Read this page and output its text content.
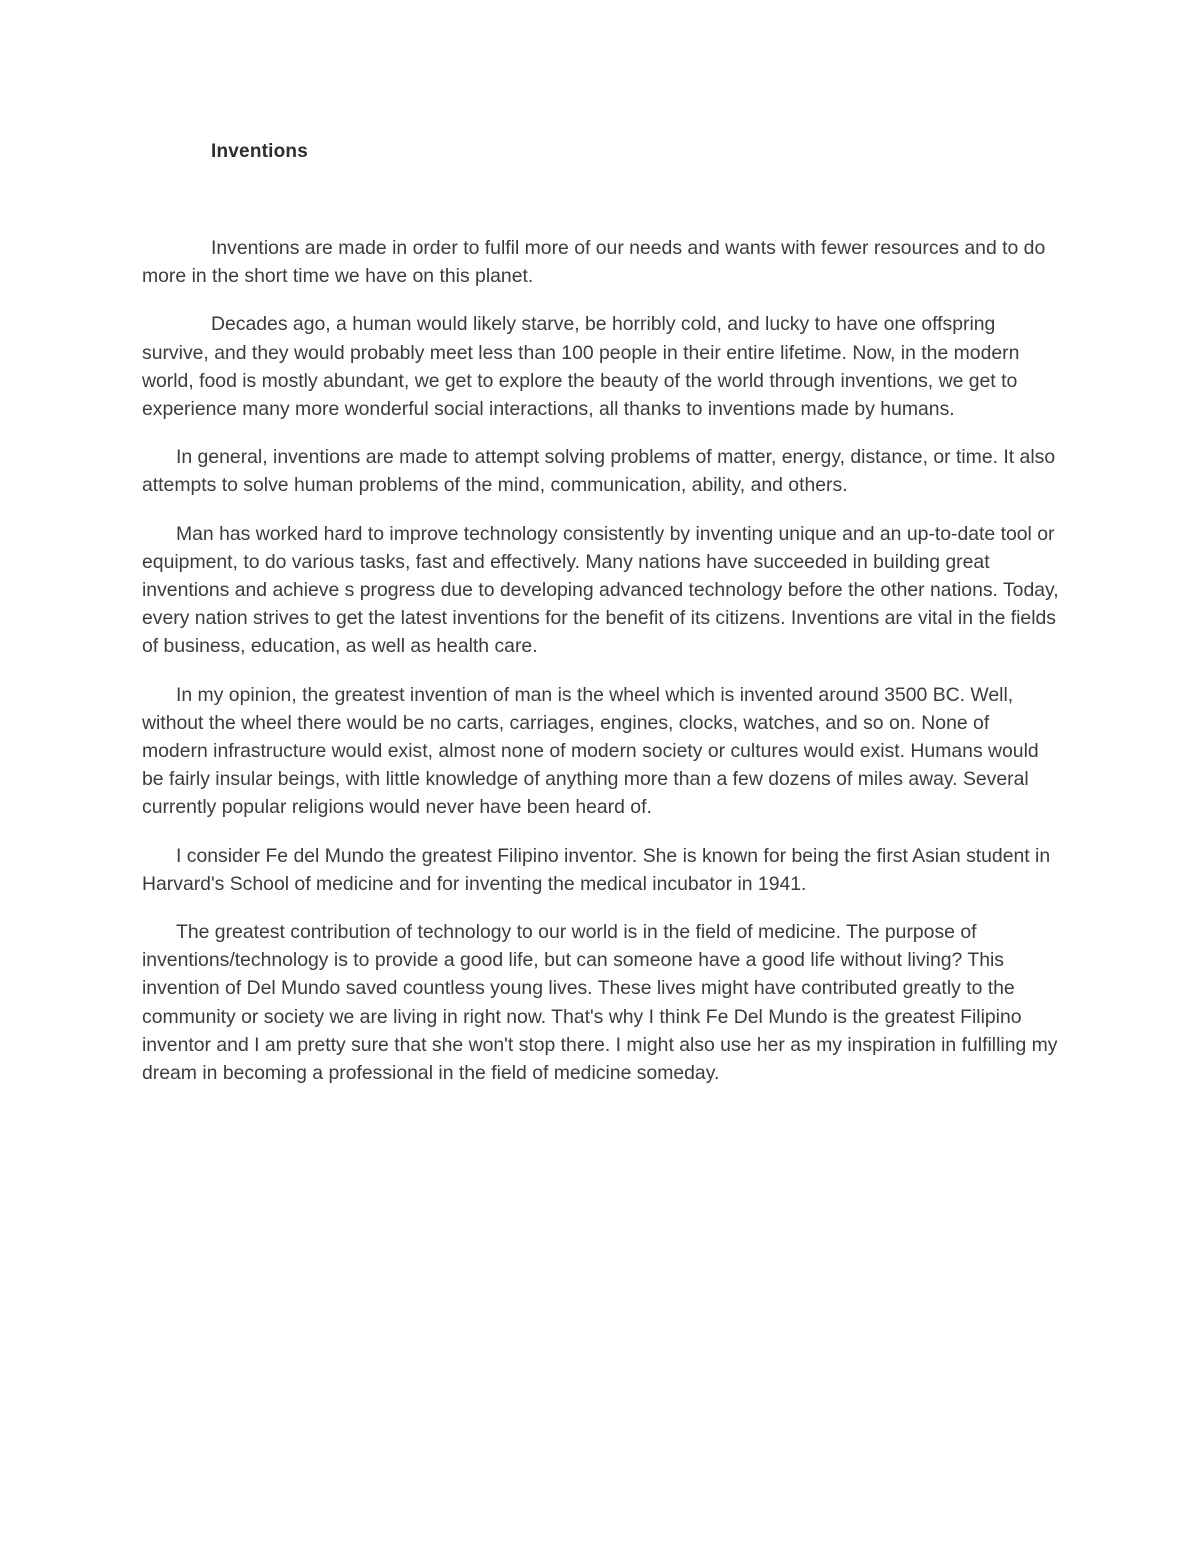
Inventions

Inventions are made in order to fulfil more of our needs and wants with fewer resources and to do more in the short time we have on this planet.

Decades ago, a human would likely starve, be horribly cold, and lucky to have one offspring survive, and they would probably meet less than 100 people in their entire lifetime. Now, in the modern world, food is mostly abundant, we get to explore the beauty of the world through inventions, we get to experience many more wonderful social interactions, all thanks to inventions made by humans.

In general, inventions are made to attempt solving problems of matter, energy, distance, or time. It also attempts to solve human problems of the mind, communication, ability, and others.

Man has worked hard to improve technology consistently by inventing unique and an up-to-date tool or equipment, to do various tasks, fast and effectively. Many nations have succeeded in building great inventions and achieve s progress due to developing advanced technology before the other nations. Today, every nation strives to get the latest inventions for the benefit of its citizens. Inventions are vital in the fields of business, education, as well as health care.

In my opinion, the greatest invention of man is the wheel which is invented around 3500 BC. Well, without the wheel there would be no carts, carriages, engines, clocks, watches, and so on. None of modern infrastructure would exist, almost none of modern society or cultures would exist. Humans would be fairly insular beings, with little knowledge of anything more than a few dozens of miles away. Several currently popular religions would never have been heard of.

I consider Fe del Mundo the greatest Filipino inventor. She is known for being the first Asian student in Harvard's School of medicine and for inventing the medical incubator in 1941.

The greatest contribution of technology to our world is in the field of medicine. The purpose of inventions/technology is to provide a good life, but can someone have a good life without living? This invention of Del Mundo saved countless young lives. These lives might have contributed greatly to the community or society we are living in right now. That's why I think Fe Del Mundo is the greatest Filipino inventor and I am pretty sure that she won't stop there. I might also use her as my inspiration in fulfilling my dream in becoming a professional in the field of medicine someday.
